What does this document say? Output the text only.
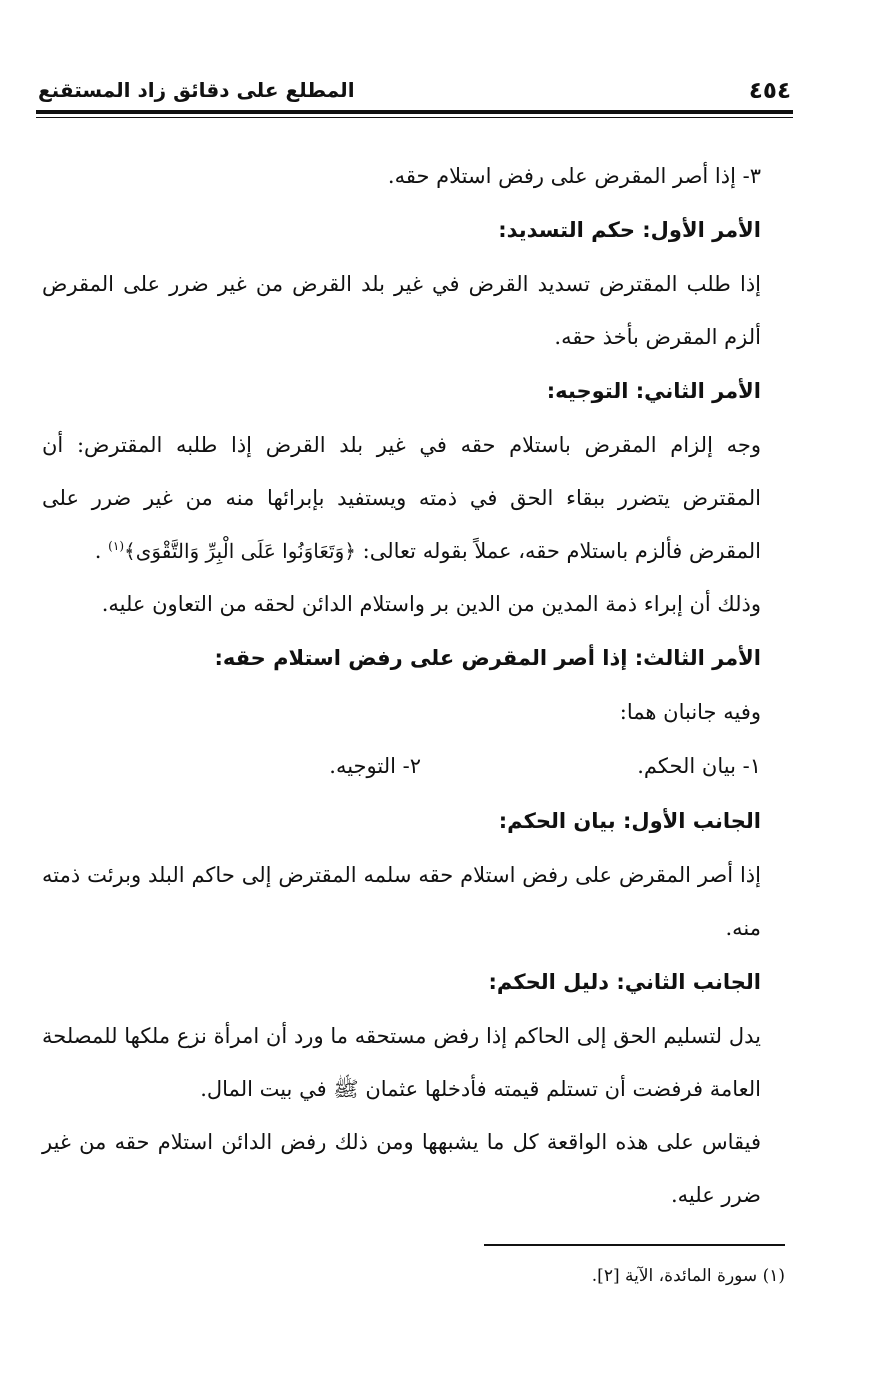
٤٥٤
المطلع على دقائق زاد المستقنع

٣- إذا أصر المقرض على رفض استلام حقه.

الأمر الأول: حكم التسديد:

إذا طلب المقترض تسديد القرض في غير بلد القرض من غير ضرر على المقرض ألزم المقرض بأخذ حقه.

الأمر الثاني: التوجيه:

وجه إلزام المقرض باستلام حقه في غير بلد القرض إذا طلبه المقترض: أن المقترض يتضرر ببقاء الحق في ذمته ويستفيد بإبرائها منه من غير ضرر على المقرض فألزم باستلام حقه، عملاً بقوله تعالى: ﴿وَتَعَاوَنُوا عَلَى الْبِرِّ وَالتَّقْوَى﴾$^{(١)}$ .

وذلك أن إبراء ذمة المدين من الدين بر واستلام الدائن لحقه من التعاون عليه.

الأمر الثالث: إذا أصر المقرض على رفض استلام حقه:

وفيه جانبان هما:

١- بيان الحكم.
٢- التوجيه.

الجانب الأول: بيان الحكم:

إذا أصر المقرض على رفض استلام حقه سلمه المقترض إلى حاكم البلد وبرئت ذمته منه.

الجانب الثاني: دليل الحكم:

يدل لتسليم الحق إلى الحاكم إذا رفض مستحقه ما ورد أن امرأة نزع ملكها للمصلحة العامة فرفضت أن تستلم قيمته فأدخلها عثمان ﷺ في بيت المال.

فيقاس على هذه الواقعة كل ما يشبهها ومن ذلك رفض الدائن استلام حقه من غير ضرر عليه.

(١) سورة المائدة، الآية [٢].
